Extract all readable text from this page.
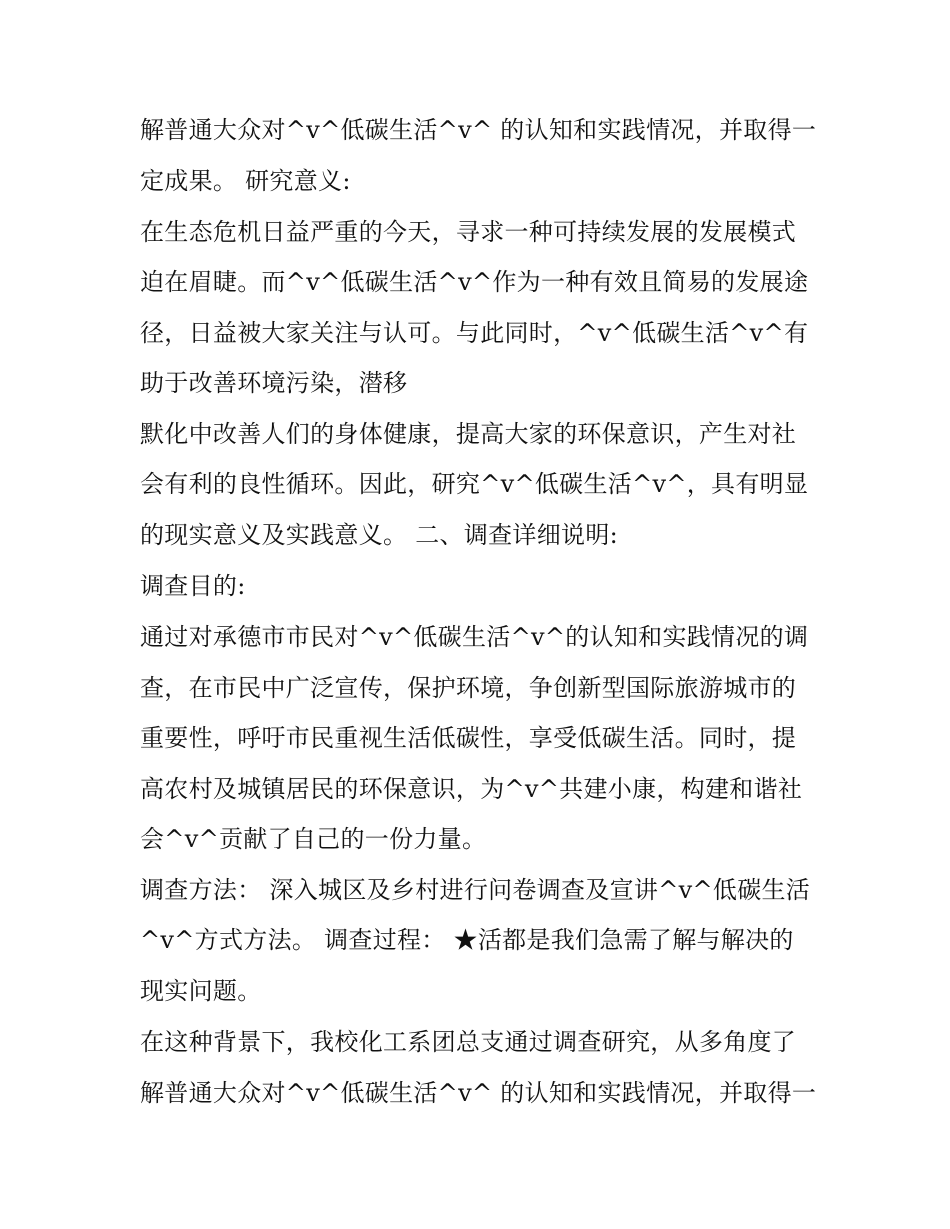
解普通大众对^v^低碳生活^v^ 的认知和实践情况，并取得一
定成果。 研究意义:
在生态危机日益严重的今天，寻求一种可持续发展的发展模式
迫在眉睫。而^v^低碳生活^v^作为一种有效且简易的发展途
径，日益被大家关注与认可。与此同时，^v^低碳生活^v^有
助于改善环境污染，潜移
默化中改善人们的身体健康，提高大家的环保意识，产生对社
会有利的良性循环。因此，研究^v^低碳生活^v^，具有明显
的现实意义及实践意义。 二、调查详细说明:
调查目的:
通过对承德市市民对^v^低碳生活^v^的认知和实践情况的调
查，在市民中广泛宣传，保护环境，争创新型国际旅游城市的
重要性，呼吁市民重视生活低碳性，享受低碳生活。同时，提
高农村及城镇居民的环保意识，为^v^共建小康，构建和谐社
会^v^贡献了自己的一份力量。
调查方法： 深入城区及乡村进行问卷调查及宣讲^v^低碳生活
^v^方式方法。 调查过程： ★活都是我们急需了解与解决的
现实问题。
在这种背景下，我校化工系团总支通过调查研究，从多角度了
解普通大众对^v^低碳生活^v^ 的认知和实践情况，并取得一
